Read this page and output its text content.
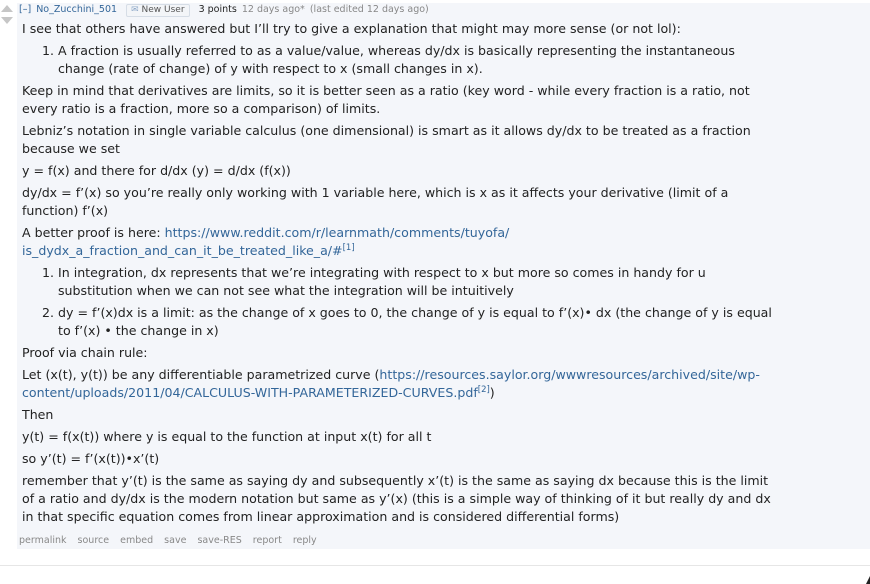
[–] No_Zucchini_501 ✉ New User 3 points 12 days ago* (last edited 12 days ago)

I see that others have answered but I’ll try to give a explanation that might may more sense (or not lol):

1. A fraction is usually referred to as a value/value, whereas dy/dx is basically representing the instantaneous change (rate of change) of y with respect to x (small changes in x).

Keep in mind that derivatives are limits, so it is better seen as a ratio (key word - while every fraction is a ratio, not every ratio is a fraction, more so a comparison) of limits.

Lebniz’s notation in single variable calculus (one dimensional) is smart as it allows dy/dx to be treated as a fraction because we set

y = f(x) and there for d/dx (y) = d/dx (f(x))

dy/dx = f’(x) so you’re really only working with 1 variable here, which is x as it affects your derivative (limit of a function) f’(x)

A better proof is here: https://www.reddit.com/r/learnmath/comments/tuyofa/
is_dydx_a_fraction_and_can_it_be_treated_like_a/#[1]

1. In integration, dx represents that we’re integrating with respect to x but more so comes in handy for u substitution when we can not see what the integration will be intuitively
2. dy = f’(x)dx is a limit: as the change of x goes to 0, the change of y is equal to f’(x)• dx (the change of y is equal to f’(x) • the change in x)

Proof via chain rule:

Let (x(t), y(t)) be any differentiable parametrized curve (https://resources.saylor.org/wwwresources/archived/site/wp-content/uploads/2011/04/CALCULUS-WITH-PARAMETERIZED-CURVES.pdf[2])

Then

y(t) = f(x(t)) where y is equal to the function at input x(t) for all t

so y’(t) = f’(x(t))•x’(t)

remember that y’(t) is the same as saying dy and subsequently x’(t) is the same as saying dx because this is the limit of a ratio and dy/dx is the modern notation but same as y’(x) (this is a simple way of thinking of it but really dy and dx in that specific equation comes from linear approximation and is considered differential forms)

permalink source embed save save-RES report reply
